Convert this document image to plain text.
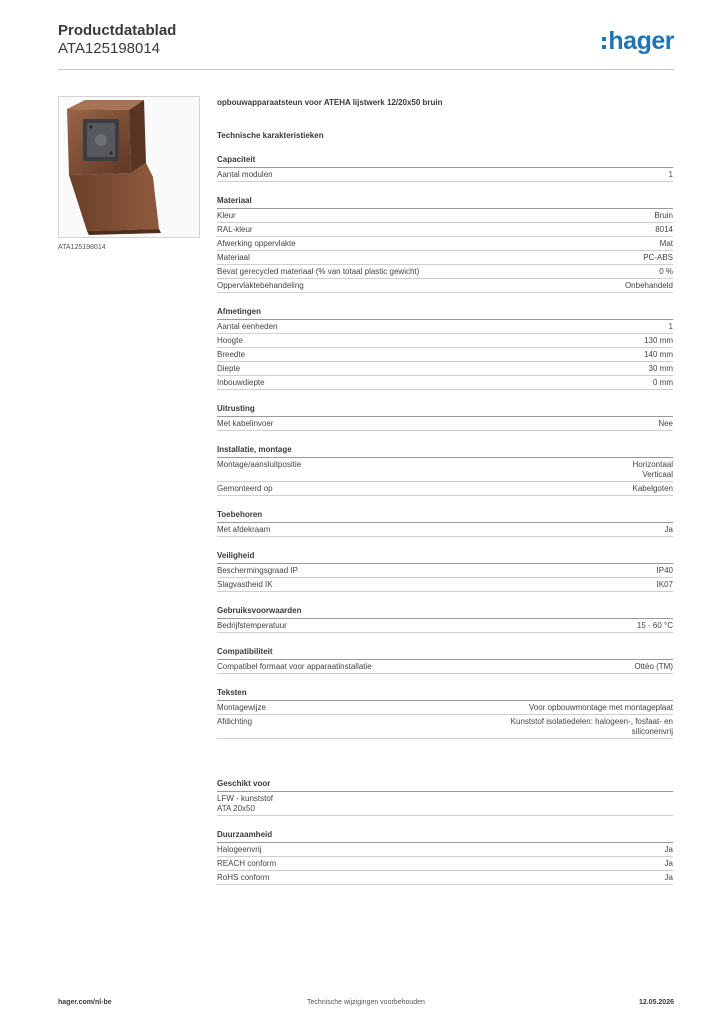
Productdatablad
ATA125198014	hager
ATA125198014
opbouwapparaatsteun voor ATEHA lijstwerk 12/20x50 bruin
Technische karakteristieken
Capaciteit
Aantal modulen	1
Materiaal
Kleur	Bruin
RAL-kleur	8014
Afwerking oppervlakte	Mat
Materiaal	PC-ABS
Bevat gerecycled materiaal (% van totaal plastic gewicht)	0 %
Oppervlaktebehandeling	Onbehandeld
Afmetingen
Aantal eenheden	1
Hoogte	130 mm
Breedte	140 mm
Diepte	30 mm
Inbouwdiepte	0 mm
Uitrusting
Met kabelinvoer	Nee
Installatie, montage
Montage/aansluitpositie	Horizontaal
Verticaal
Gemonteerd op	Kabelgoten
Toebehoren
Met afdekraam	Ja
Veiligheid
Beschermingsgraad IP	IP40
Slagvastheid IK	IK07
Gebruiksvoorwaarden
Bedrijfstemperatuur	15 - 60 °C
Compatibiliteit
Compatibel formaat voor apparaatinstallatie	Ottéo (TM)
Teksten
Montagewijze	Voor opbouwmontage met montageplaat
Afdichting	Kunststof isolatiedelen: halogeen-, fosfaat- en
siliconenvrij
Geschikt voor
LFW - kunststof
ATA 20x50
Duurzaamheid
Halogeenvrij	Ja
REACH conform	Ja
RoHS conform	Ja
hager.com/nl-be	Technische wijzigingen voorbehouden	12.05.2026
